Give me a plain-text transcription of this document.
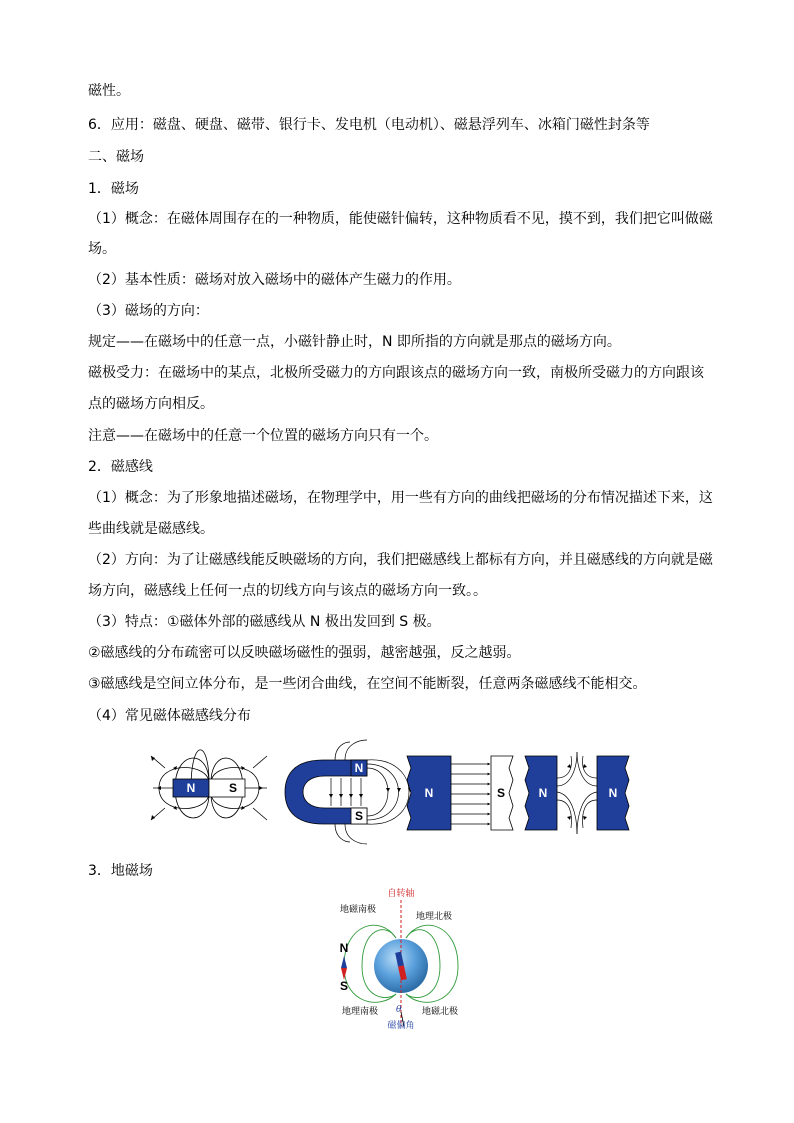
磁性。
6．应用：磁盘、硬盘、磁带、银行卡、发电机（电动机）、磁悬浮列车、冰箱门磁性封条等
二、磁场
1．磁场
（1）概念：在磁体周围存在的一种物质，能使磁针偏转，这种物质看不见，摸不到，我们把它叫做磁
场。
（2）基本性质：磁场对放入磁场中的磁体产生磁力的作用。
（3）磁场的方向：
规定——在磁场中的任意一点，小磁针静止时，N 即所指的方向就是那点的磁场方向。
磁极受力：在磁场中的某点，北极所受磁力的方向跟该点的磁场方向一致，南极所受磁力的方向跟该
点的磁场方向相反。
注意——在磁场中的任意一个位置的磁场方向只有一个。
2．磁感线
（1）概念：为了形象地描述磁场，在物理学中，用一些有方向的曲线把磁场的分布情况描述下来，这
些曲线就是磁感线。
（2）方向：为了让磁感线能反映磁场的方向，我们把磁感线上都标有方向，并且磁感线的方向就是磁
场方向，磁感线上任何一点的切线方向与该点的磁场方向一致。。
（3）特点：①磁体外部的磁感线从 N 极出发回到 S 极。
②磁感线的分布疏密可以反映磁场磁性的强弱，越密越强，反之越弱。
③磁感线是空间立体分布，是一些闭合曲线，在空间不能断裂，任意两条磁感线不能相交。
（4）常见磁体磁感线分布
N	S
N
S
N	S	N	N
3．地磁场
自转轴
地磁南极
地理北极
地理南极	地磁北极
θ
磁偏角
N
S
